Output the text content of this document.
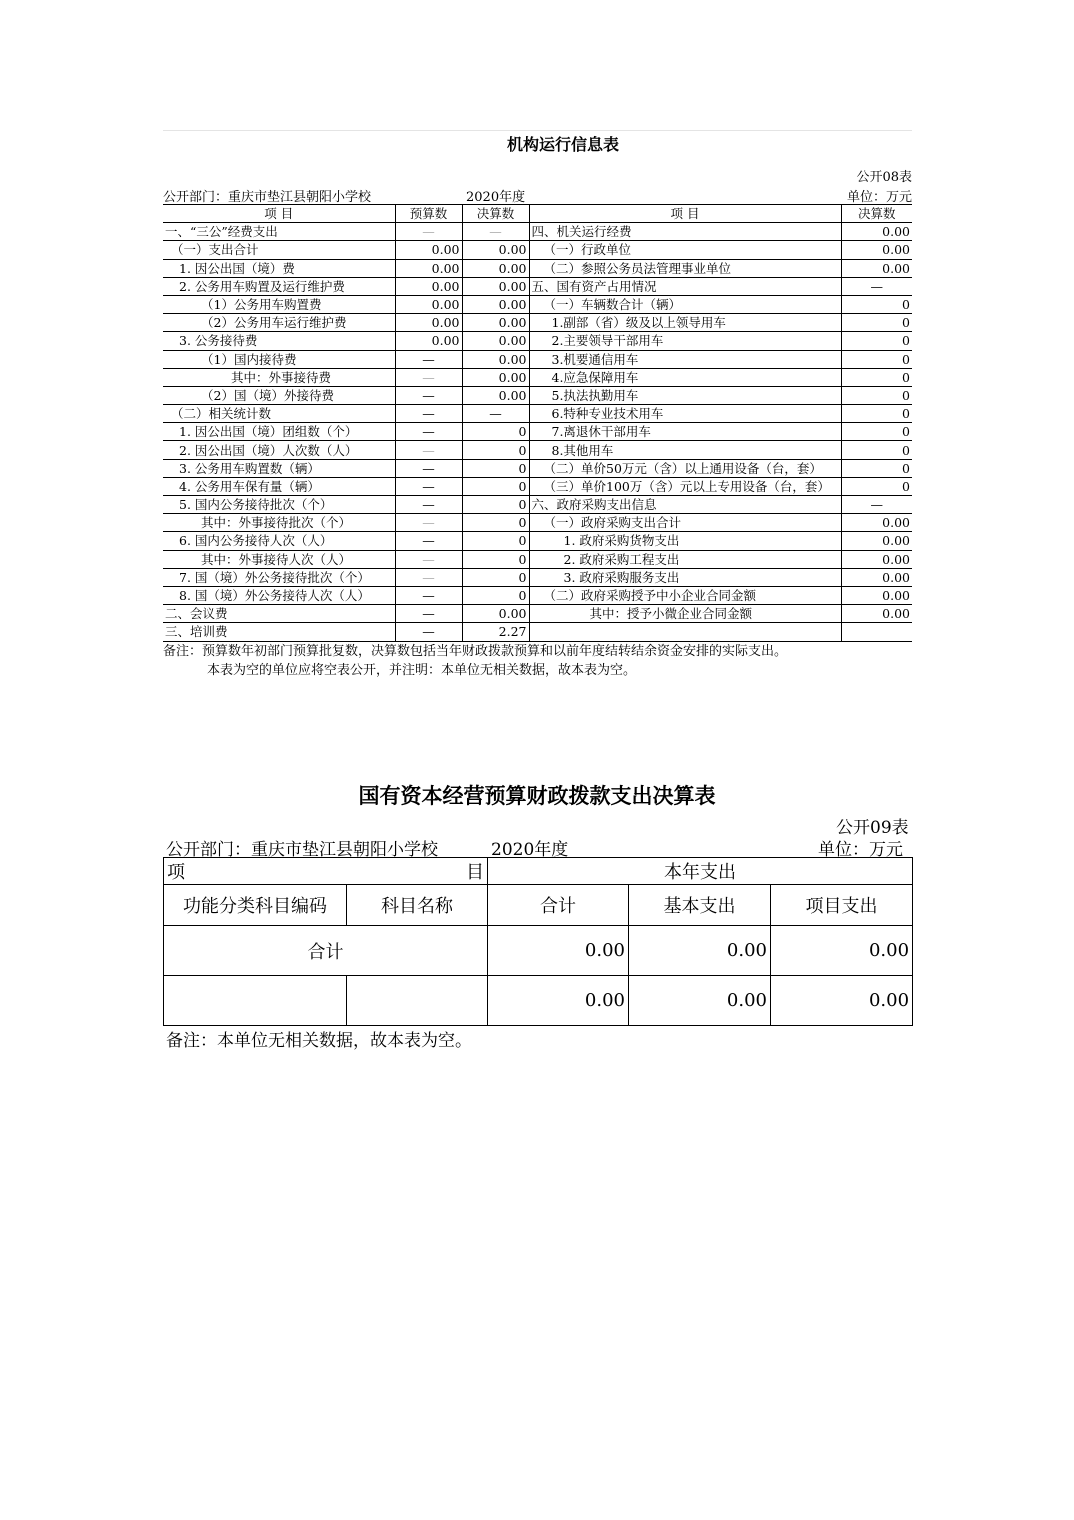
机构运行信息表
公开08表
公开部门：重庆市垫江县朝阳小学校	2020年度	单位：万元
项 目	预算数	决算数	项 目	决算数
一、“三公”经费支出	—	—	四、机关运行经费	0.00
（一）支出合计	0.00	0.00	（一）行政单位	0.00
1. 因公出国（境）费	0.00	0.00	（二）参照公务员法管理事业单位	0.00
2. 公务用车购置及运行维护费	0.00	0.00	五、国有资产占用情况	—
（1）公务用车购置费	0.00	0.00	（一）车辆数合计（辆）	0
（2）公务用车运行维护费	0.00	0.00	1.副部（省）级及以上领导用车	0
3. 公务接待费	0.00	0.00	2.主要领导干部用车	0
（1）国内接待费	—	0.00	3.机要通信用车	0
其中：外事接待费	—	0.00	4.应急保障用车	0
（2）国（境）外接待费	—	0.00	5.执法执勤用车	0
（二）相关统计数	—	—	6.特种专业技术用车	0
1. 因公出国（境）团组数（个）	—	0	7.离退休干部用车	0
2. 因公出国（境）人次数（人）	—	0	8.其他用车	0
3. 公务用车购置数（辆）	—	0	（二）单价50万元（含）以上通用设备（台，套）	0
4. 公务用车保有量（辆）	—	0	（三）单价100万（含）元以上专用设备（台，套）	0
5. 国内公务接待批次（个）	—	0	六、政府采购支出信息	—
其中：外事接待批次（个）	—	0	（一）政府采购支出合计	0.00
6. 国内公务接待人次（人）	—	0	1. 政府采购货物支出	0.00
其中：外事接待人次（人）	—	0	2. 政府采购工程支出	0.00
7. 国（境）外公务接待批次（个）	—	0	3. 政府采购服务支出	0.00
8. 国（境）外公务接待人次（人）	—	0	（二）政府采购授予中小企业合同金额	0.00
二、会议费	—	0.00	其中：授予小微企业合同金额	0.00
三、培训费	—	2.27		
备注：预算数年初部门预算批复数，决算数包括当年财政拨款预算和以前年度结转结余资金安排的实际支出。
本表为空的单位应将空表公开，并注明：本单位无相关数据，故本表为空。
国有资本经营预算财政拨款支出决算表
公开09表
公开部门：重庆市垫江县朝阳小学校	2020年度	单位：万元
项 目		本年支出		
功能分类科目编码	科目名称	合计	基本支出	项目支出
合计		0.00	0.00	0.00
		0.00	0.00	0.00
备注：本单位无相关数据，故本表为空。
